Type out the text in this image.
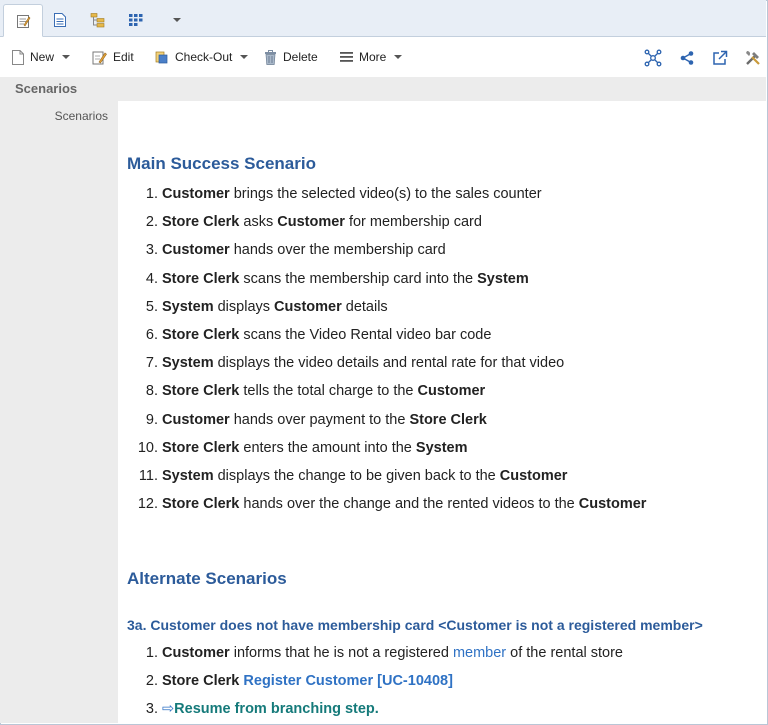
New	Edit	Check-Out	Delete	More
Scenarios
Scenarios
Main Success Scenario
1. Customer brings the selected video(s) to the sales counter
2. Store Clerk asks Customer for membership card
3. Customer hands over the membership card
4. Store Clerk scans the membership card into the System
5. System displays Customer details
6. Store Clerk scans the Video Rental video bar code
7. System displays the video details and rental rate for that video
8. Store Clerk tells the total charge to the Customer
9. Customer hands over payment to the Store Clerk
10. Store Clerk enters the amount into the System
11. System displays the change to be given back to the Customer
12. Store Clerk hands over the change and the rented videos to the Customer
Alternate Scenarios
3a. Customer does not have membership card <Customer is not a registered member>
1. Customer informs that he is not a registered member of the rental store
2. Store Clerk Register Customer [UC-10408]
3. ⇨Resume from branching step.
